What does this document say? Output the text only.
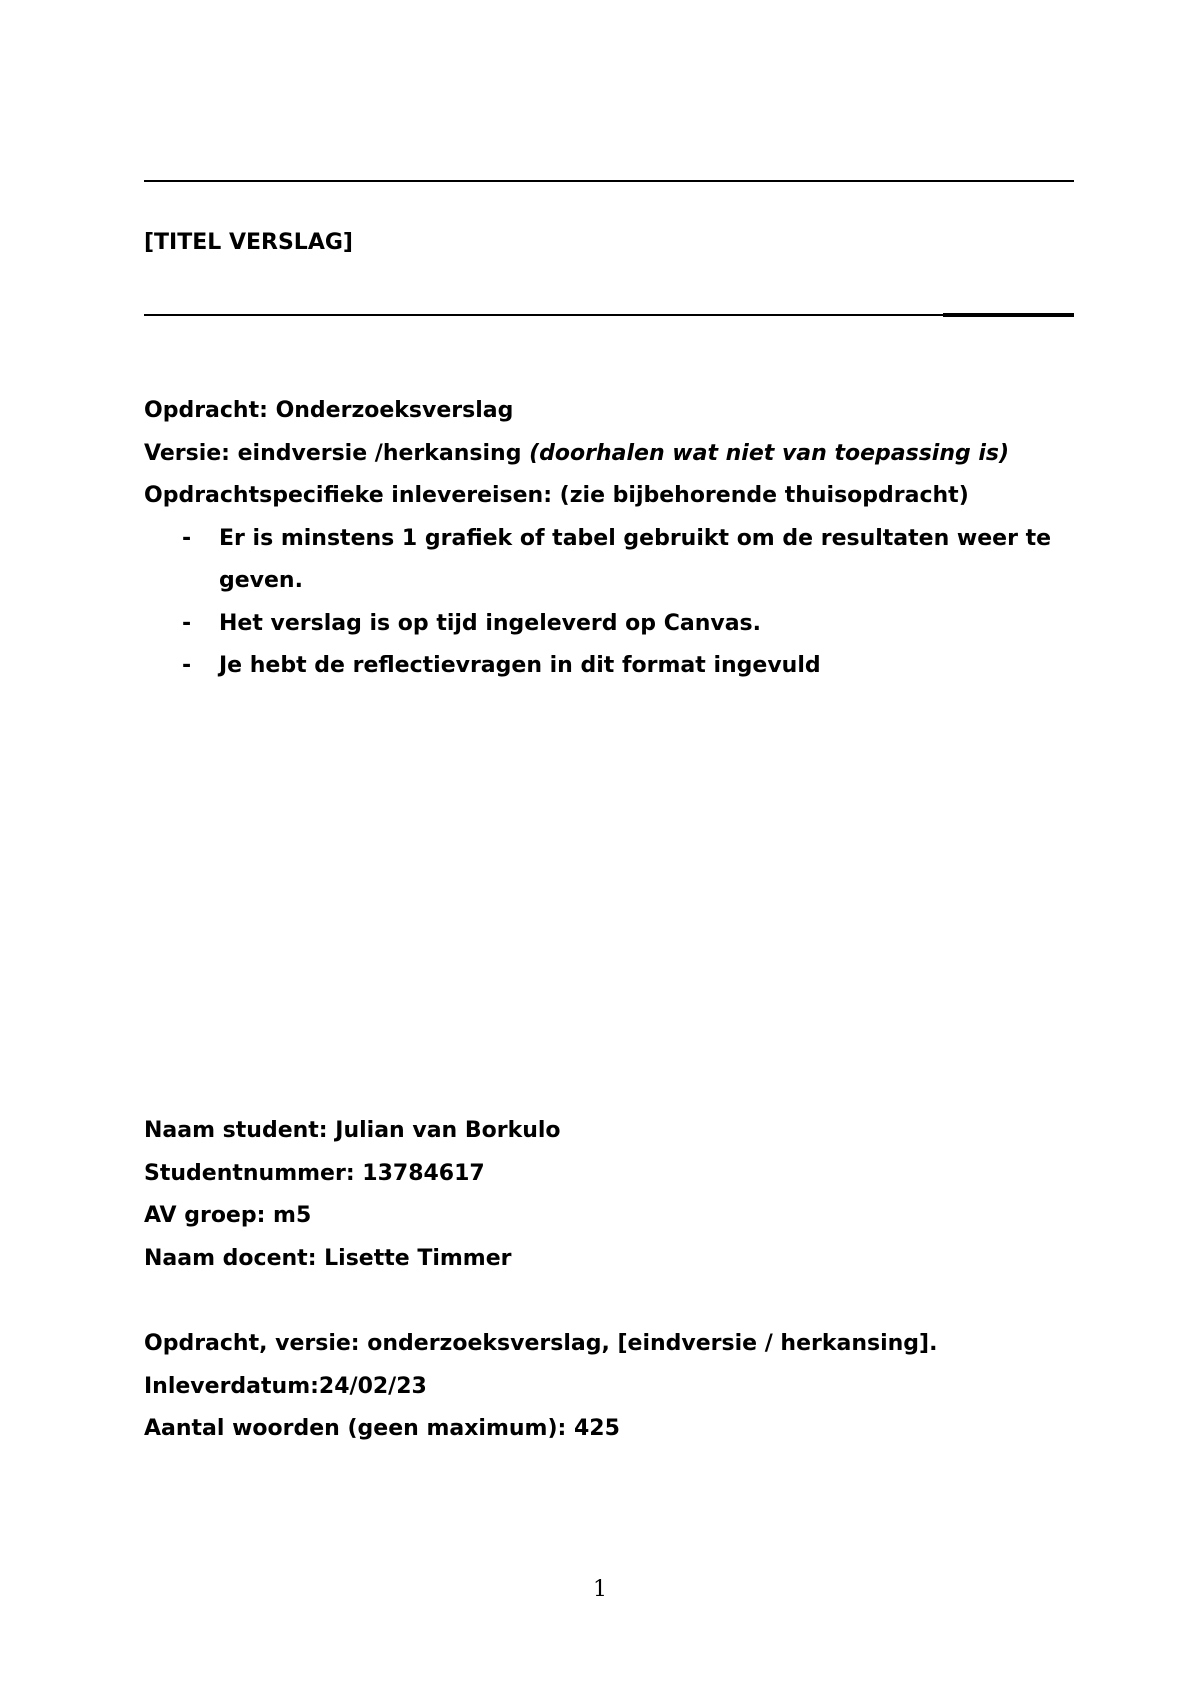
[TITEL VERSLAG]

Opdracht: Onderzoeksverslag

Versie: eindversie /herkansing (doorhalen wat niet van toepassing is)

Opdrachtspecifieke inlevereisen: (zie bijbehorende thuisopdracht)

- Er is minstens 1 grafiek of tabel gebruikt om de resultaten weer te geven.
- Het verslag is op tijd ingeleverd op Canvas.
- Je hebt de reflectievragen in dit format ingevuld

Naam student: Julian van Borkulo

Studentnummer: 13784617

AV groep: m5

Naam docent: Lisette Timmer

Opdracht, versie: onderzoeksverslag, [eindversie / herkansing].

Inleverdatum:24/02/23

Aantal woorden (geen maximum): 425

1
